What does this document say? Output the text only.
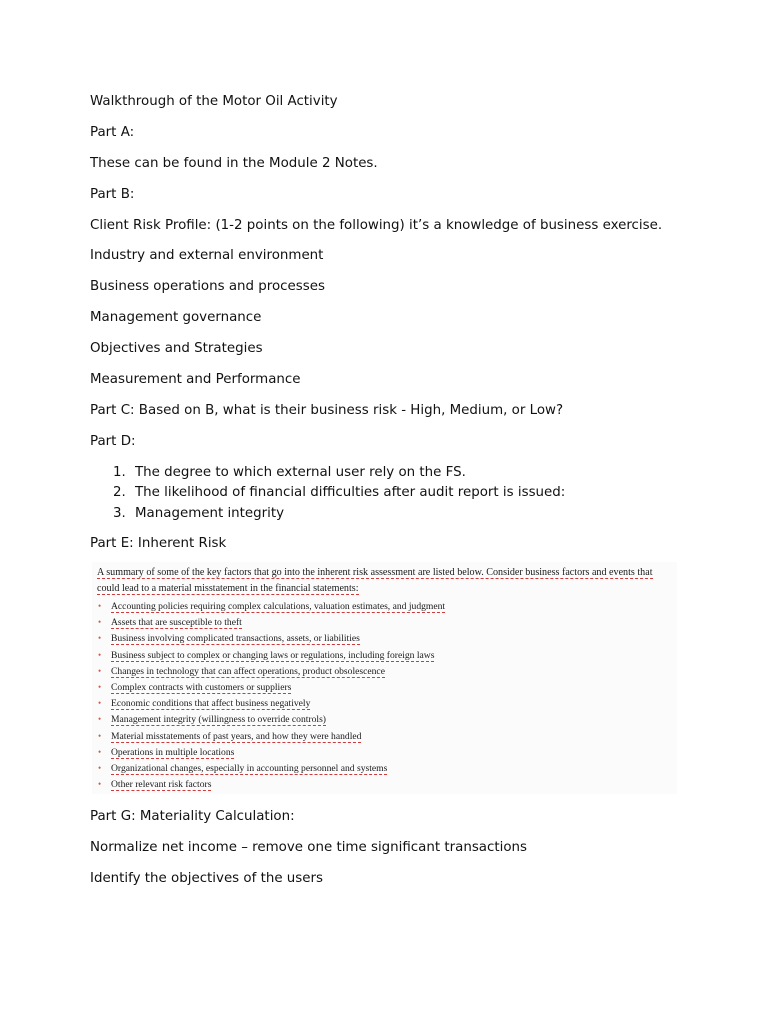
Walkthrough of the Motor Oil Activity

Part A:

These can be found in the Module 2 Notes.

Part B:

Client Risk Profile: (1-2 points on the following) it’s a knowledge of business exercise.

Industry and external environment

Business operations and processes

Management governance

Objectives and Strategies

Measurement and Performance

Part C: Based on B, what is their business risk - High, Medium, or Low?

Part D:

1. The degree to which external user rely on the FS.
2. The likelihood of financial difficulties after audit report is issued:
3. Management integrity

Part E: Inherent Risk

A summary of some of the key factors that go into the inherent risk assessment are listed below. Consider business factors and events that
could lead to a material misstatement in the financial statements:
• Accounting policies requiring complex calculations, valuation estimates, and judgment
• Assets that are susceptible to theft
• Business involving complicated transactions, assets, or liabilities
• Business subject to complex or changing laws or regulations, including foreign laws
• Changes in technology that can affect operations, product obsolescence
• Complex contracts with customers or suppliers
• Economic conditions that affect business negatively
• Management integrity (willingness to override controls)
• Material misstatements of past years, and how they were handled
• Operations in multiple locations
• Organizational changes, especially in accounting personnel and systems
• Other relevant risk factors

Part G: Materiality Calculation:

Normalize net income – remove one time significant transactions

Identify the objectives of the users
